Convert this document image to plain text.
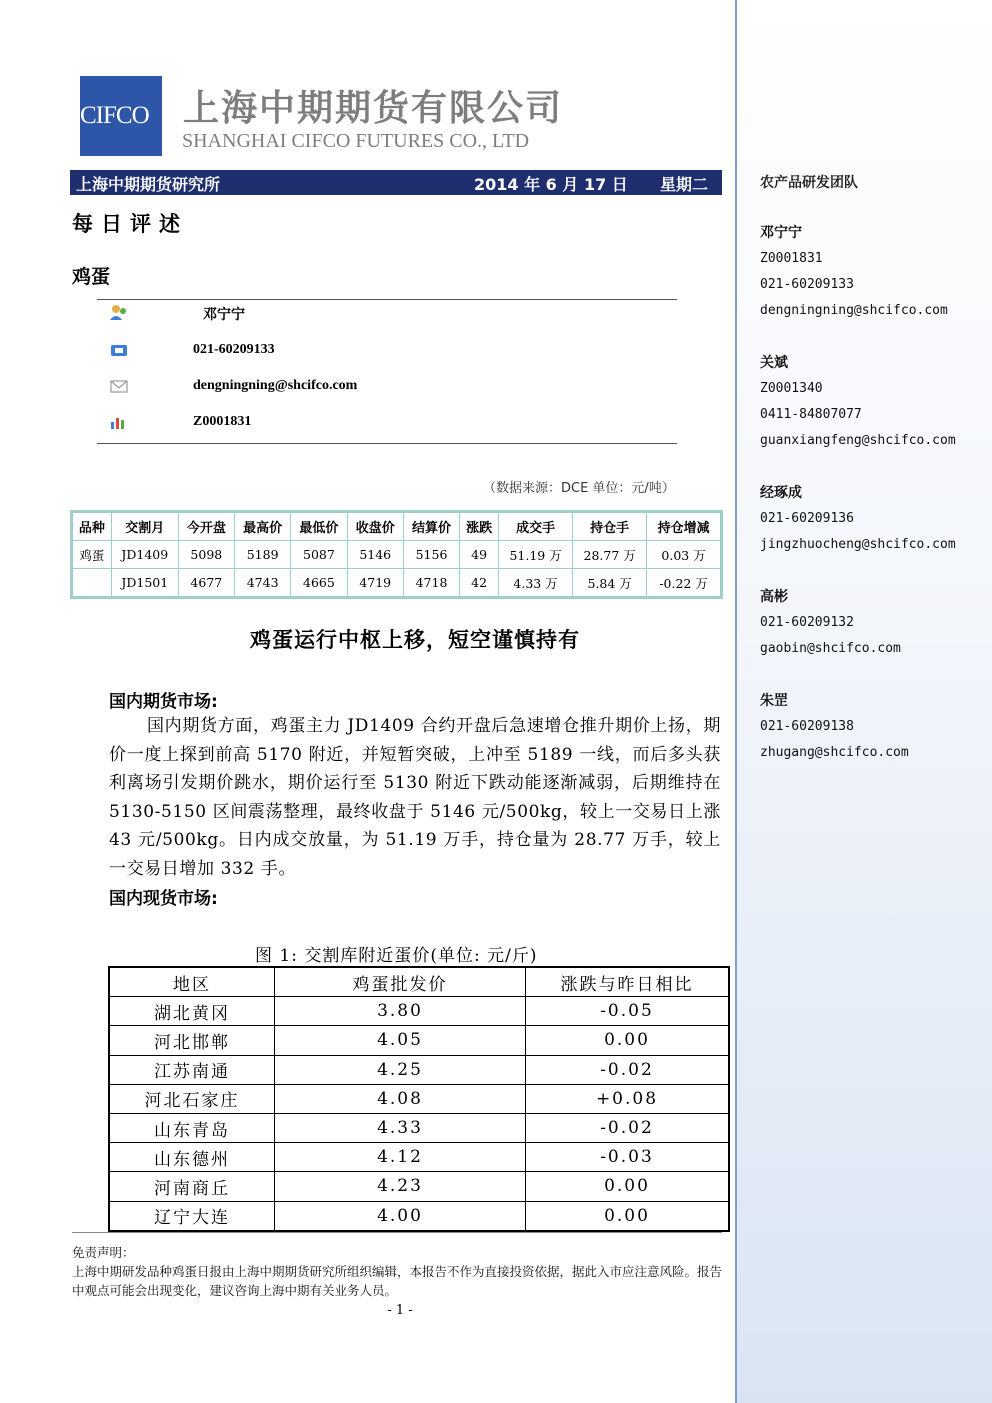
农产品研发团队
邓宁宁
Z0001831
021-60209133
dengningning@shcifco.com
关斌
Z0001340
0411-84807077
guanxiangfeng@shcifco.com
经琢成
021-60209136
jingzhuocheng@shcifco.com
高彬
021-60209132
gaobin@shcifco.com
朱罡
021-60209138
zhugang@shcifco.com
CIFCO 上海中期期货有限公司
SHANGHAI CIFCO FUTURES CO., LTD
上海中期期货研究所	2014 年 6 月 17 日 星期二
每日评述
鸡蛋
邓宁宁
021-60209133
dengningning@shcifco.com
Z0001831
（数据来源：DCE 单位：元/吨）
品种	交割月	今开盘	最高价	最低价	收盘价	结算价	涨跌	成交手	持仓手	持仓增减
鸡蛋	JD1409	5098	5189	5087	5146	5156	49	51.19 万	28.77 万	0.03 万
	JD1501	4677	4743	4665	4719	4718	42	4.33 万	5.84 万	-0.22 万
鸡蛋运行中枢上移，短空谨慎持有
国内期货市场:
国内期货方面，鸡蛋主力 JD1409 合约开盘后急速增仓推升期价上扬，期价一度上探到前高 5170 附近，并短暂突破，上冲至 5189 一线，而后多头获利离场引发期价跳水，期价运行至 5130 附近下跌动能逐渐减弱，后期维持在 5130-5150 区间震荡整理，最终收盘于 5146 元/500kg，较上一交易日上涨 43 元/500kg。日内成交放量，为 51.19 万手，持仓量为 28.77 万手，较上一交易日增加 332 手。
国内现货市场:
图 1: 交割库附近蛋价(单位: 元/斤)
地区	鸡蛋批发价	涨跌与昨日相比
湖北黄冈	3.80	-0.05
河北邯郸	4.05	0.00
江苏南通	4.25	-0.02
河北石家庄	4.08	+0.08
山东青岛	4.33	-0.02
山东德州	4.12	-0.03
河南商丘	4.23	0.00
辽宁大连	4.00	0.00
免责声明：
上海中期研发品种鸡蛋日报由上海中期期货研究所组织编辑，本报告不作为直接投资依据，据此入市应注意风险。报告中观点可能会出现变化，建议咨询上海中期有关业务人员。
- 1 -
